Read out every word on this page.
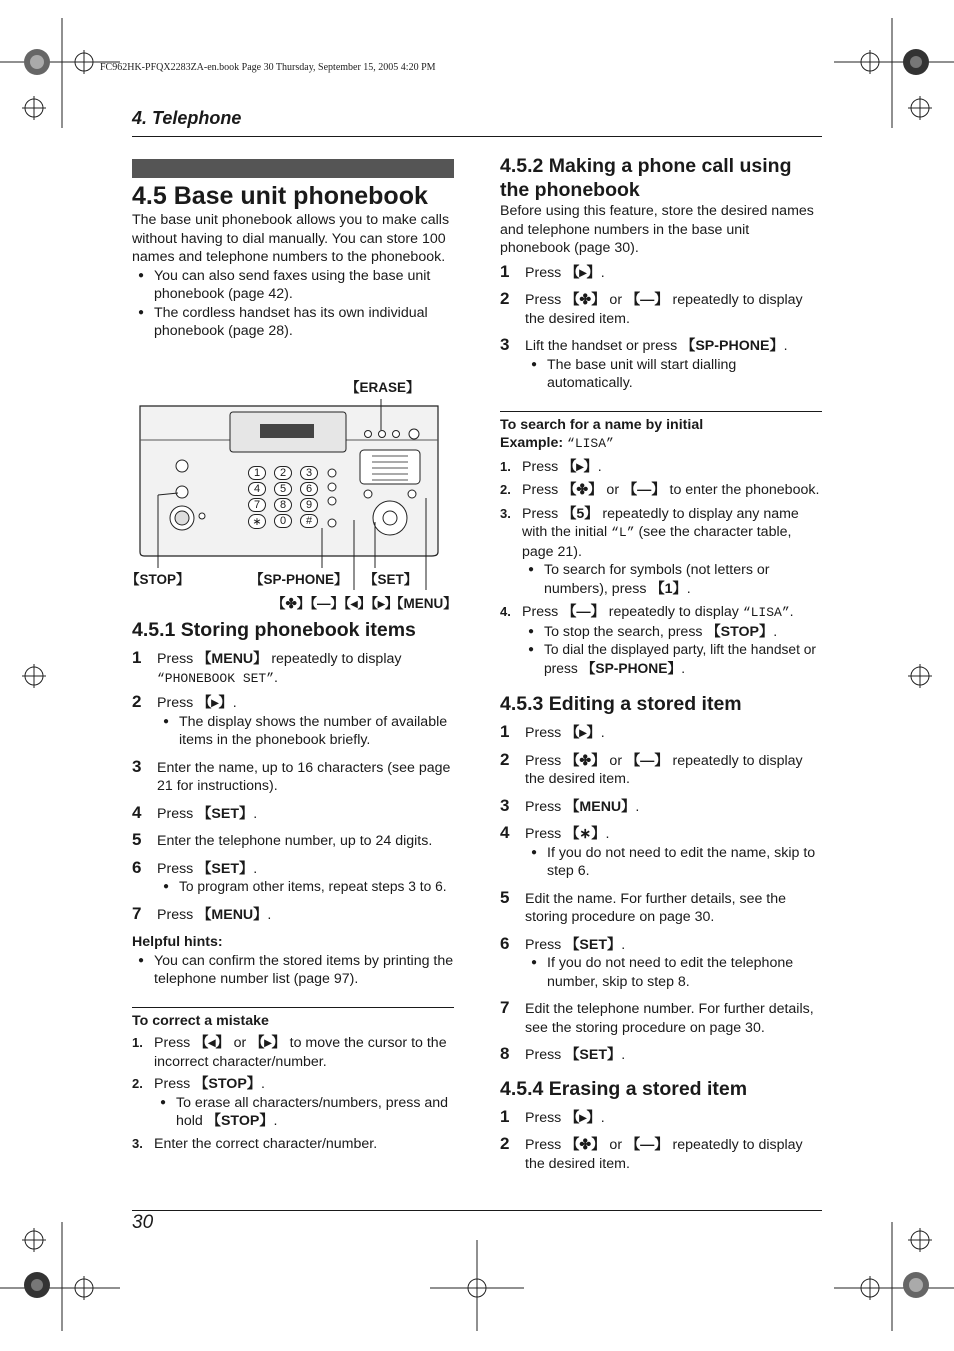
FC962HK-PFQX2283ZA-en.book Page 30 Thursday, September 15, 2005 4:20 PM
4. Telephone
4.5 Base unit phonebook

The base unit phonebook allows you to make calls without having to dial manually. You can store 100 names and telephone numbers to the phonebook.

● You can also send faxes using the base unit phonebook (page 42).
● The cordless handset has its own individual phonebook (page 28).
【ERASE】
1	2	3
4	5	6
7	8	9
∗	0	#
【STOP】	【SP-PHONE】 【SET】
【✤】【—】【◂】【▸】
【MENU】
4.5.1 Storing phonebook items
1 Press 【MENU】 repeatedly to display “PHONEBOOK SET”.
2 Press 【▸】.
● The display shows the number of available items in the phonebook briefly.
3 Enter the name, up to 16 characters (see page 21 for instructions).
4 Press 【SET】.
5 Enter the telephone number, up to 24 digits.
6 Press 【SET】.
● To program other items, repeat steps 3 to 6.
7 Press 【MENU】.
Helpful hints:
● You can confirm the stored items by printing the telephone number list (page 97).
To correct a mistake
1. Press 【◂】 or 【▸】 to move the cursor to the incorrect character/number.
2. Press 【STOP】.
● To erase all characters/numbers, press and hold 【STOP】.
3. Enter the correct character/number.
4.5.2 Making a phone call using the phonebook

Before using this feature, store the desired names and telephone numbers in the base unit phonebook (page 30).

1 Press 【▸】.
2 Press 【✤】 or 【—】 repeatedly to display the desired item.
3 Lift the handset or press 【SP-PHONE】.
● The base unit will start dialling automatically.
To search for a name by initial
Example: “LISA”
1. Press 【▸】.
2. Press 【✤】 or 【—】 to enter the phonebook.
3. Press 【5】 repeatedly to display any name with the initial “L” (see the character table, page 21).
● To search for symbols (not letters or numbers), press 【1】.
4. Press 【—】 repeatedly to display “LISA”.
● To stop the search, press 【STOP】.
● To dial the displayed party, lift the handset or press 【SP-PHONE】.
4.5.3 Editing a stored item
1 Press 【▸】.
2 Press 【✤】 or 【—】 repeatedly to display the desired item.
3 Press 【MENU】.
4 Press 【∗】.
● If you do not need to edit the name, skip to step 6.
5 Edit the name. For further details, see the storing procedure on page 30.
6 Press 【SET】.
● If you do not need to edit the telephone number, skip to step 8.
7 Edit the telephone number. For further details, see the storing procedure on page 30.
8 Press 【SET】.
4.5.4 Erasing a stored item
1 Press 【▸】.
2 Press 【✤】 or 【—】 repeatedly to display the desired item.
30
